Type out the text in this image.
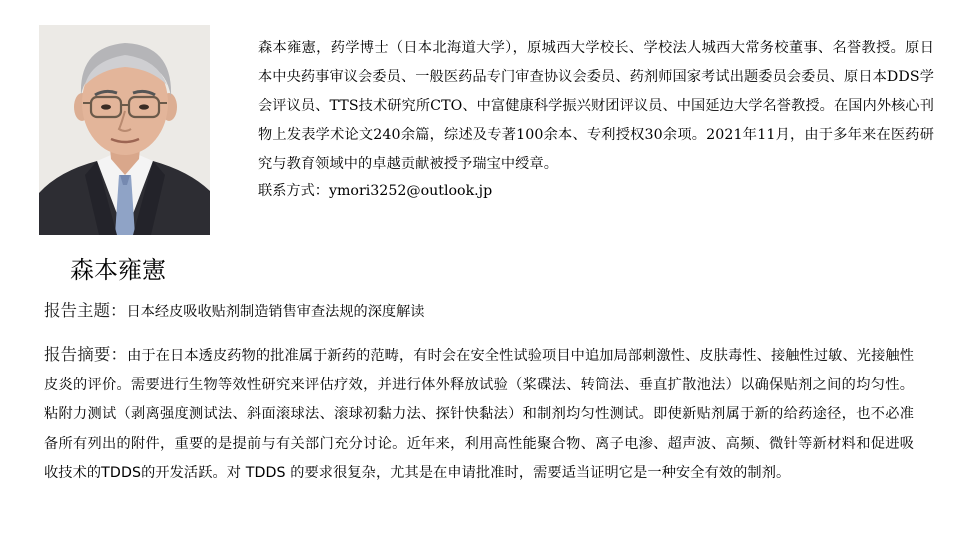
森本雍憲，药学博士（日本北海道大学），原城西大学校长、学校法人城西大常务校董事、名誉教授。原日本中央药事审议会委员、一般医药品专门审查协议会委员、药剂师国家考试出题委员会委员、原日本DDS学会评议员、TTS技术研究所CTO、中富健康科学振兴财团评议员、中国延边大学名誉教授。在国内外核心刊物上发表学术论文240余篇，综述及专著100余本、专利授权30余项。2021年11月，由于多年来在医药研究与教育领域中的卓越贡献被授予瑞宝中绶章。

联系方式：ymori3252@outlook.jp
森本雍憲
报告主题：日本经皮吸收贴剂制造销售审查法规的深度解读

报告摘要：由于在日本透皮药物的批准属于新药的范畴，有时会在安全性试验项目中追加局部刺激性、皮肤毒性、接触性过敏、光接触性皮炎的评价。需要进行生物等效性研究来评估疗效，并进行体外释放试验（桨碟法、转筒法、垂直扩散池法）以确保贴剂之间的均匀性。粘附力测试（剥离强度测试法、斜面滚球法、滚球初黏力法、探针快黏法）和制剂均匀性测试。即使新贴剂属于新的给药途径，也不必准备所有列出的附件，重要的是提前与有关部门充分讨论。近年来，利用高性能聚合物、离子电渗、超声波、高频、微针等新材料和促进吸收技术的TDDS的开发活跃。对 TDDS 的要求很复杂，尤其是在申请批准时，需要适当证明它是一种安全有效的制剂。
